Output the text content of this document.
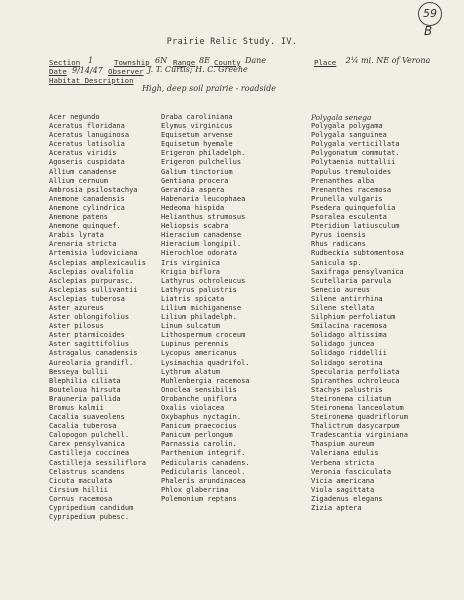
59
B
Prairie Relic Study. IV.
Section 1	Township 6N Range 8E County Dane	Place 2¼ mi. NE of Verona
Date 9/14/47 Observer J. T. Curtis; H. C. Greene
Habitat Description
High, deep soil prairie - roadside
Acer negundo
Aceratus floridana
Aceratus lanuginosa
Aceratus latisolia
Aceratus viridis
Agoseris cuspidata
Allium canadense
Allium cernuum
Ambrosia psilostachya
Anemone canadensis
Anemone cylindrica
Anemone patens
Anemone quinquef.
Arabis lyrata
Arenaria stricta
Artemisia ludoviciana
Asclepias amplexicaulis
Asclepias ovalifolia
Asclepias purpurasc.
Asclepias sullivantii
Asclepias tuberosa
Aster azureus
Aster oblongifolius
Aster pilosus
Aster ptarmicoides
Aster sagittifolius
Astragalus canadensis
Aureolaria grandifl.
Besseya bullii
Blephilia ciliata
Bouteloua hirsuta
Brauneria pallida
Bromus kalmii
Cacalia suaveolens
Cacalia tuberosa
Calopogon pulchell.
Carex pensylvanica
Castilleja coccinea
Castilleja sessiliflora
Celastrus scandens
Cicuta maculata
Cirsium hillii
Cornus racemosa
Cypripedium candidum
Cypripedium pubesc.
Draba caroliniana
Elymus virginicus
Equisetum arvense
Equisetum hyemale
Erigeron philadelph.
Erigeron pulchellus
Galium tinctorium
Gentiana procera
Gerardia aspera
Habenaria leucophaea
Hedeoma hispida
Helianthus strumosus
Heliopsis scabra
Hieracium canadense
Hieracium longipil.
Hierochloe odorata
Iris virginica
Krigia biflora
Lathyrus ochroleucus
Lathyrus palustris
Liatris spicata
Lilium michiganense
Lilium philadelph.
Linum sulcatum
Lithospermum croceum
Lupinus perennis
Lycopus americanus
Lysimachia quadrifol.
Lythrum alatum
Muhlenbergia racemosa
Onoclea sensibilis
Orobanche uniflora
Oxalis violacea
Oxybaphus nyctagin.
Panicum praecocius
Panicum perlongum
Parnassia carolin.
Parthenium integrif.
Pedicularis canadens.
Pedicularis lanceol.
Phaleris arundinacea
Phlox glaberrima
Polemonium reptans
Polygala senega
Polygala polygama
Polygala sanguinea
Polygala verticillata
Polygonatum commutat.
Polytaenia nuttallii
Populus tremuloides
Prenanthes alba
Prenanthes racemosa
Prunella vulgaris
Psedera quinquefolia
Psoralea esculenta
Pteridium latiusculum
Pyrus ioensis
Rhus radicans
Rudbeckia subtomentosa
Sanicula sp.
Saxifraga pensylvanica
Scutellaria parvula
Senecio aureus
Silene antirrhina
Silene stellata
Silphium perfoliatum
Smilacina racemosa
Solidago altissima
Solidago juncea
Solidago riddellii
Solidago serotina
Specularia perfoliata
Spiranthes ochroleuca
Stachys palustris
Steironema ciliatum
Steironema lanceolatum
Steironema quadriflorum
Thalictrum dasycarpum
Tradescantia virginiana
Thaspium aureum
Valeriana edulis
Verbena stricta
Veronia fasciculata
Vicia americana
Viola sagittata
Zigadenus elegans
Zizia aptera
